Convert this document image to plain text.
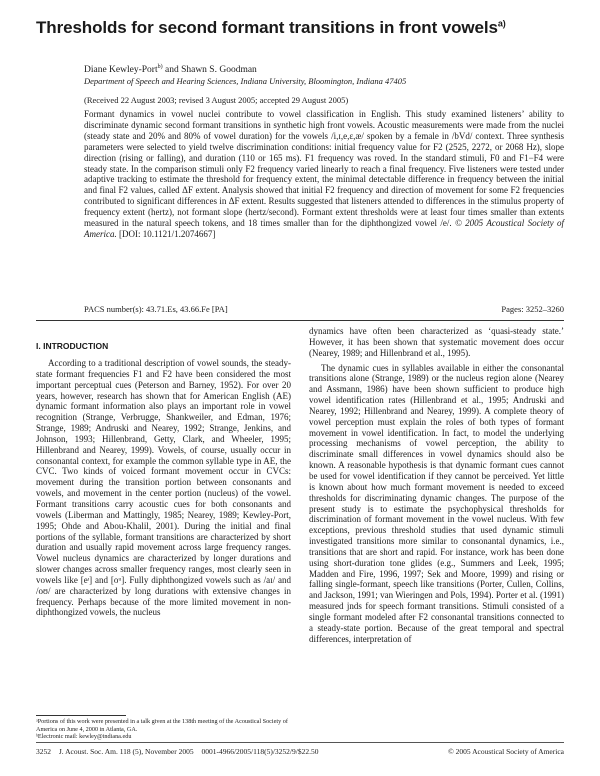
Thresholds for second formant transitions in front vowels$^{a)}$
Diane Kewley-Port$^{b)}$ and Shawn S. Goodman
Department of Speech and Hearing Sciences, Indiana University, Bloomington, Indiana 47405
(Received 22 August 2003; revised 3 August 2005; accepted 29 August 2005)

Formant dynamics in vowel nuclei contribute to vowel classification in English. This study examined listeners’ ability to discriminate dynamic second formant transitions in synthetic high front vowels. Acoustic measurements were made from the nuclei (steady state and 20% and 80% of vowel duration) for the vowels /i,ɪ,e,ɛ,æ/ spoken by a female in /bVd/ context. Three synthesis parameters were selected to yield twelve discrimination conditions: initial frequency value for F2 (2525, 2272, or 2068 Hz), slope direction (rising or falling), and duration (110 or 165 ms). F1 frequency was roved. In the standard stimuli, F0 and F1−F4 were steady state. In the comparison stimuli only F2 frequency varied linearly to reach a final frequency. Five listeners were tested under adaptive tracking to estimate the threshold for frequency extent, the minimal detectable difference in frequency between the initial and final F2 values, called ΔF extent. Analysis showed that initial F2 frequency and direction of movement for some F2 frequencies contributed to significant differences in ΔF extent. Results suggested that listeners attended to differences in the stimulus property of frequency extent (hertz), not formant slope (hertz/second). Formant extent thresholds were at least four times smaller than extents measured in the natural speech tokens, and 18 times smaller than for the diphthongized vowel /e/. © 2005 Acoustical Society of America. [DOI: 10.1121/1.2074667]

PACS number(s): 43.71.Es, 43.66.Fe [PA]	Pages: 3252–3260
I. INTRODUCTION

According to a traditional description of vowel sounds, the steady-state formant frequencies F1 and F2 have been considered the most important perceptual cues (Peterson and Barney, 1952). For over 20 years, however, research has shown that for American English (AE) dynamic formant information also plays an important role in vowel recognition (Strange, Verbrugge, Shankweiler, and Edman, 1976; Strange, 1989; Andruski and Nearey, 1992; Strange, Jenkins, and Johnson, 1993; Hillenbrand, Getty, Clark, and Wheeler, 1995; Hillenbrand and Nearey, 1999). Vowels, of course, usually occur in consonantal context, for example the common syllable type in AE, the CVC. Two kinds of voiced formant movement occur in CVCs: movement during the transition portion between consonants and vowels, and movement in the center portion (nucleus) of the vowel. Formant transitions carry acoustic cues for both consonants and vowels (Liberman and Mattingly, 1985; Nearey, 1989; Kewley-Port, 1995; Ohde and Abou-Khalil, 2001). During the initial and final portions of the syllable, formant transitions are characterized by short duration and usually rapid movement across large frequency ranges. Vowel nucleus dynamics are characterized by longer durations and slower changes across smaller frequency ranges, most clearly seen in vowels like [eᶦ] and [oᵘ]. Fully diphthongized vowels such as /aɪ/ and /oʊ/ are characterized by long durations with extensive changes in frequency. Perhaps because of the more limited movement in non-diphthongized vowels, the nucleus

dynamics have often been characterized as ‘quasi-steady state.’ However, it has been shown that systematic movement does occur (Nearey, 1989; and Hillenbrand et al., 1995).

The dynamic cues in syllables available in either the consonantal transitions alone (Strange, 1989) or the nucleus region alone (Nearey and Assmann, 1986) have been shown sufficient to produce high vowel identification rates (Hillenbrand et al., 1995; Andruski and Nearey, 1992; Hillenbrand and Nearey, 1999). A complete theory of vowel perception must explain the roles of both types of formant movement in vowel identification. In fact, to model the underlying processing mechanisms of vowel perception, the ability to discriminate small differences in vowel dynamics should also be known. A reasonable hypothesis is that dynamic formant cues cannot be used for vowel identification if they cannot be perceived. Yet little is known about how much formant movement is needed to exceed thresholds for discriminating dynamic changes. The purpose of the present study is to estimate the psychophysical thresholds for discrimination of formant movement in the vowel nucleus. With few exceptions, previous threshold studies that used dynamic stimuli investigated transitions more similar to consonantal dynamics, i.e., transitions that are short and rapid. For instance, work has been done using short-duration tone glides (e.g., Summers and Leek, 1995; Madden and Fire, 1996, 1997; Sek and Moore, 1999) and rising or falling single-formant, speech like transitions (Porter, Cullen, Collins, and Jackson, 1991; van Wieringen and Pols, 1994). Porter et al. (1991) measured jnds for speech formant transitions. Stimuli consisted of a single formant modeled after F2 consonantal transitions connected to a steady-state portion. Because of the great temporal and spectral differences, interpretation of

ᵃPortions of this work were presented in a talk given at the 138th meeting of the Acoustical Society of America on June 4, 2000 in Atlanta, GA.
ᵇElectronic mail: kewley@indiana.edu
3252 J. Acoust. Soc. Am. 118 (5), November 2005 0001-4966/2005/118(5)/3252/9/$22.50	© 2005 Acoustical Society of America
